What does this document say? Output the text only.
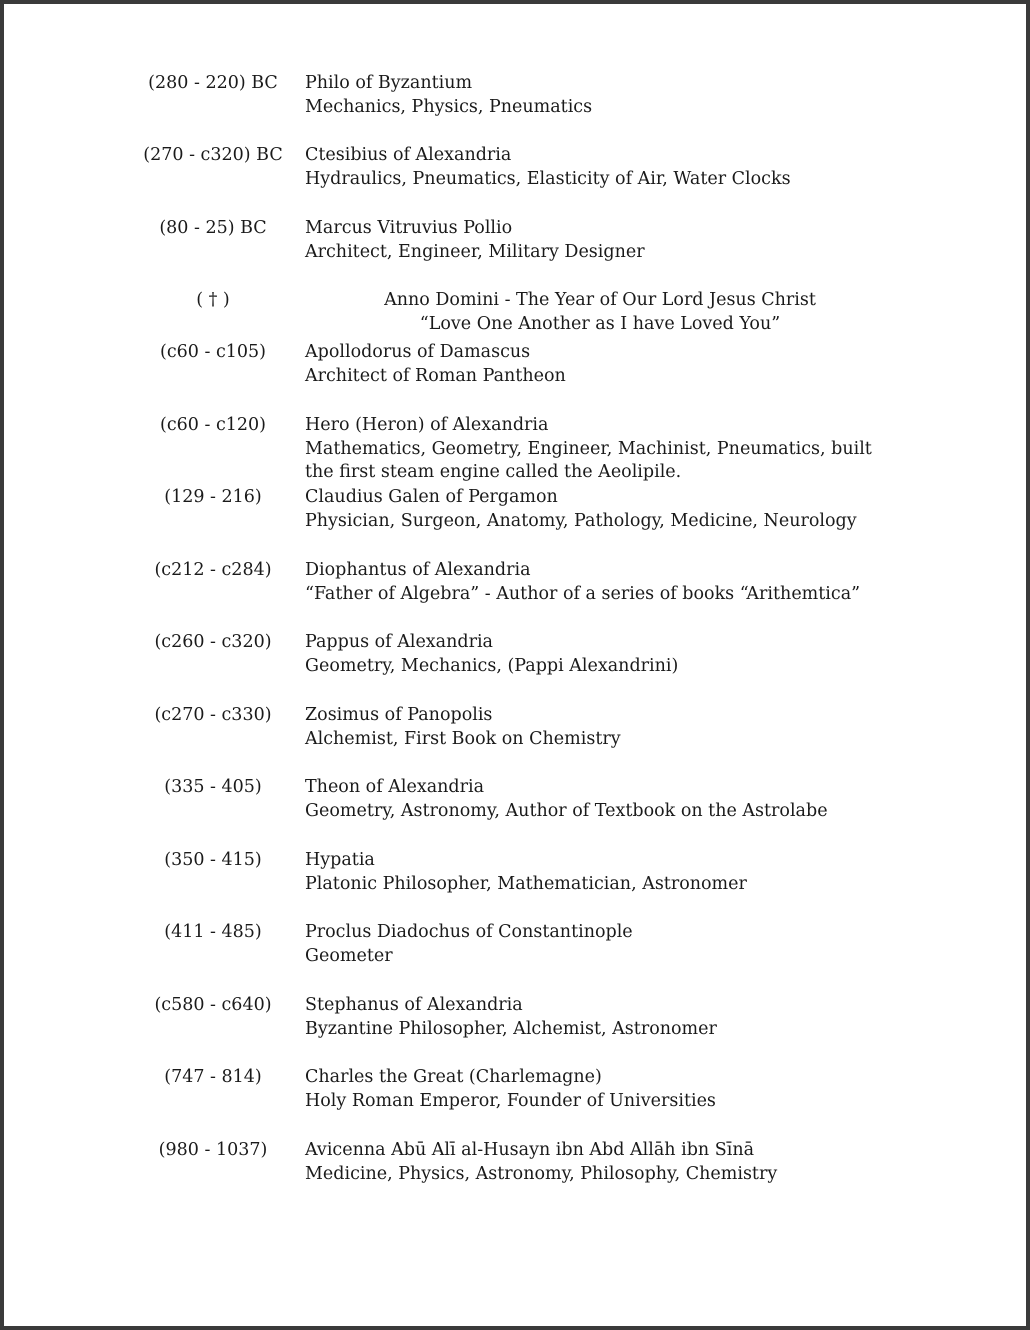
(280 - 220) BC	Philo of Byzantium
Mechanics, Physics, Pneumatics
(270 - c320) BC Ctesibius of Alexandria
Hydraulics, Pneumatics, Elasticity of Air, Water Clocks
(80 - 25) BC	Marcus Vitruvius Pollio
Architect, Engineer, Military Designer
( † )	Anno Domini - The Year of Our Lord Jesus Christ
“Love One Another as I have Loved You”
(c60 - c105)	Apollodorus of Damascus
Architect of Roman Pantheon
(c60 - c120)	Hero (Heron) of Alexandria
Mathematics, Geometry, Engineer, Machinist, Pneumatics, built
the first steam engine called the Aeolipile.
(129 - 216)	Claudius Galen of Pergamon
Physician, Surgeon, Anatomy, Pathology, Medicine, Neurology
(c212 - c284)	Diophantus of Alexandria
“Father of Algebra” - Author of a series of books “Arithemtica”
(c260 - c320)	Pappus of Alexandria
Geometry, Mechanics, (Pappi Alexandrini)
(c270 - c330)	Zosimus of Panopolis
Alchemist, First Book on Chemistry
(335 - 405)	Theon of Alexandria
Geometry, Astronomy, Author of Textbook on the Astrolabe
(350 - 415)	Hypatia
Platonic Philosopher, Mathematician, Astronomer
(411 - 485)	Proclus Diadochus of Constantinople
Geometer
(c580 - c640)	Stephanus of Alexandria
Byzantine Philosopher, Alchemist, Astronomer
(747 - 814)	Charles the Great (Charlemagne)
Holy Roman Emperor, Founder of Universities
(980 - 1037)	Avicenna Abū Alī al-Husayn ibn Abd Allāh ibn Sīnā
Medicine, Physics, Astronomy, Philosophy, Chemistry
